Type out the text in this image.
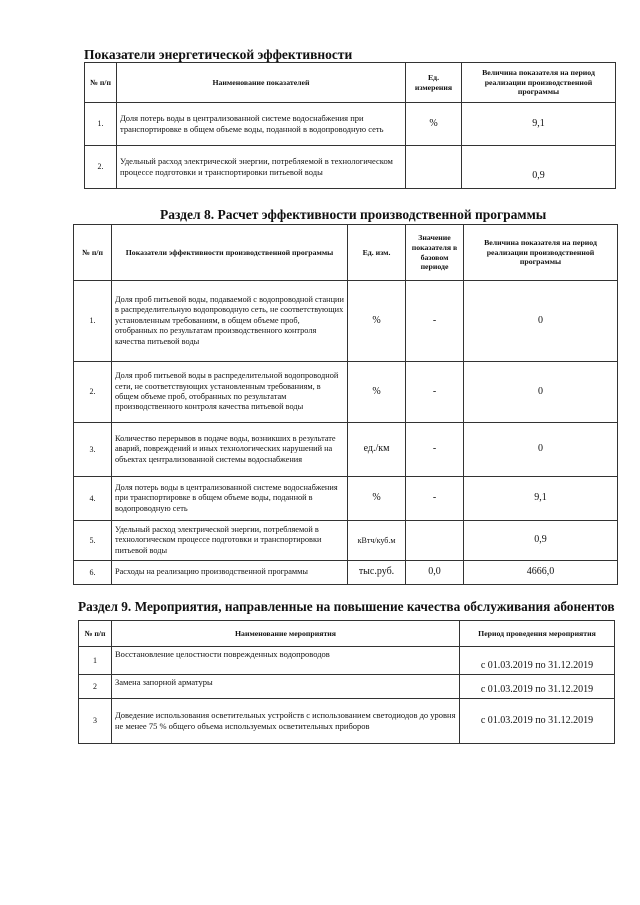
Показатели энергетической эффективности
№ п/п	Наименование показателей	Ед. измерения	Величина показателя на период реализации производственной программы
1.	Доля потерь воды в централизованной системе водоснабжения при транспортировке в общем объеме воды, поданной в водопроводную сеть	%	9,1
2.	Удельный расход электрической энергии, потребляемой в технологическом процессе подготовки и транспортировки питьевой воды		0,9
Раздел 8. Расчет эффективности производственной программы
№ п/п	Показатели эффективности производственной программы	Ед. изм.	Значение показателя в базовом периоде	Величина показателя на период реализации производственной программы
1.	Доля проб питьевой воды, подаваемой с водопроводной станции в распределительную водопроводную сеть, не соответствующих установленным требованиям, в общем объеме проб, отобранных по результатам производственного контроля качества питьевой воды	%	-	0
2.	Доля проб питьевой воды в распределительной водопроводной сети, не соответствующих установленным требованиям, в общем объеме проб, отобранных по результатам производственного контроля качества питьевой воды	%	-	0
3.	Количество перерывов в подаче воды, возникших в результате аварий, повреждений и иных технологических нарушений на объектах централизованной системы водоснабжения	ед./км	-	0
4.	Доля потерь воды в централизованной системе водоснабжения при транспортировке в общем объеме воды, поданной в водопроводную сеть	%	-	9,1
5.	Удельный расход электрической энергии, потребляемой в технологическом процессе подготовки и транспортировки питьевой воды	кВтч/куб.м		0,9
6.	Расходы на реализацию производственной программы	тыс.руб.	0,0	4666,0
Раздел 9. Мероприятия, направленные на повышение качества обслуживания абонентов
№ п/п	Наименование мероприятия	Период проведения мероприятия
1	Восстановление целостности поврежденных водопроводов	с 01.03.2019 по 31.12.2019
2	Замена запорной арматуры	с 01.03.2019 по 31.12.2019
3	Доведение использования осветительных устройств с использованием светодиодов до уровня не менее 75 % общего объема используемых осветительных приборов	с 01.03.2019 по 31.12.2019
